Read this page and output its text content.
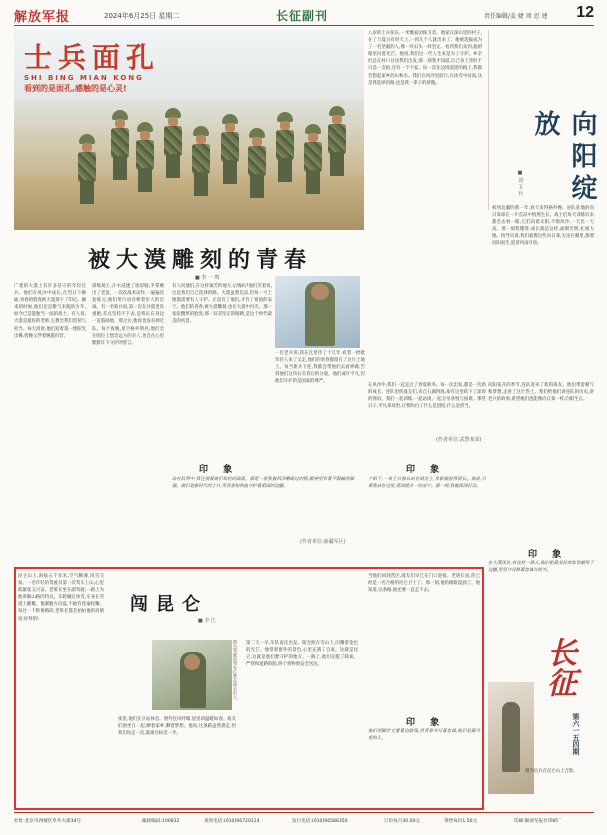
解放军报	2024年6月25日 星期二	长征副刊	责任编辑/姜 婕 周 思 建 12
士兵面孔
SHI BING MIAN KONG
看到的是面孔,感触的是心灵!
八岁的士兵张乐,一米慨家园保卫者。他家在深山里的村子,在了与夏日有时天上,一到几个人就出来了。他被选拔成为了一名坚毅的人,像一块石头一样坚定。看到我们来到,他的眼里闪着光芒。他说,我们这一代人生来是为了守护。乡亲们总在村口目送我们出发,那一刻我才知道,自己身上背的不只是一支枪,还有一个个家。每一次在边境巡逻的路上,我都会想起家乡的山和水。我们在风沙里前行,在冰雪中站岗,这是我选择的路,也是我一辈子的骄傲。
向阳绽放
■ 刘 玉 兵
初到边疆的那一年,春天来得格外晚。连队驻地的向日葵却在一片荒凉中悄然生长。战士们每天训练归来都会去看一眼,它们向着太阳,不惧风沙,一天比一天高。那一刻我懂得,成长就是这样,面朝光明,扎根大地。指导员说,我们就像这些向日葵,无论在哪里,都要向阳而生,迎着风雨开放。
被大漠雕刻的青春
■ 李 一 鸣
广袤的大漠上有许多驻守的年轻官兵。他们在风沙中成长,在烈日下磨砺,青春的脸庞被大漠刻下了印记。刚来的时候,他们还是稚气未脱的少年,如今已是能独当一面的战士。有人说,大漠是最好的老师,它教会我们坚韧与担当。每天清晨,他们迎着第一缕阳光出操,傍晚又伴着晚霞归营。
训练场上,汗水浸透了迷彩服,手掌磨出了老茧。一次次战术动作,一遍遍反复练习,他们用行动诠释着军人的忠诚。有一名新兵说,第一次在沙漠里负重跑,差点坚持不下去,是班长在身边一直鼓励他。那之后,他再也没有掉过队。每个夜晚,星空格外明亮,他们会在哨位上想念远方的亲人,也会在心里默默许下守护的誓言。
有人问他们,在这样艰苦的地方,后悔吗?他们笑着说,这是我们自己选择的路。大漠虽然荒凉,但每一寸土地都需要有人守护。正是有了他们,才有了祖国的安宁。他们的青春,被大漠雕刻,也在大漠中闪光。那一张张黝黑的脸庞,那一双双坚定的眼睛,是这个时代最美的风景。
一位老兵说,我在这里待了十几年,看着一批批年轻人来了又走,他们的青春都留在了这片土地上。每当新兵下连,我都会带他们去看界碑,告诉他们这块石头背后的分量。他们或许平凡,但他们守护的是国家的尊严。
(作者单位:新疆军区)
在风沙中,我们一起走过了春夏秋冬。每一次出发,都是一次新的成长。连队里的战友们,来自五湖四海,却在这里结下了深厚的情谊。我们一起训练,一起站岗,一起分享喜悦与困难。那些日子,平凡却珍贵,让我明白了什么是团结,什么是担当。
(作者单位:武警某部)
向阳花开的季节,连队迎来了新的战友。他们带着朝气和梦想,走进了这片热土。我们给他们讲连队的历史,讲老兵的故事,希望他们也能像向日葵一样,向阳生长。
印 象
站在队列中,我注视着他们年轻的面庞。那是一张张被风沙磨砺过的脸,眼神里有着不服输的倔强。他们是新时代的士兵,用青春和热血守护着祖国的边疆。
印 象
夕阳下,一名士兵独自站在哨位上,身影被拉得很长。他说,只要我站在这里,祖国就多一份安宁。那一刻,我被深深打动。
印 象
在大漠深处,有这样一群人,他们把最美好的年华献给了边疆,用坚守诠释着忠诚与担当。
闯昆仑
■ 李 江
昆仑山上,海拔五千多米,空气稀薄,风雪交加。一名年轻的驾驶员第一次驾车上山,心里既紧张又兴奋。老班长坐在副驾驶,一路上为他讲解山路的特点。车轮碾过冰雪,车身在弯道上颠簸。他紧握方向盘,不敢有丝毫松懈。每过一个险要路段,老班长都会拍拍他的肩膀说:好样的!
图为驾驶员驾车行驶在昆仑山上。
夜里,他们在兵站休息。窗外狂风呼啸,屋里却温暖如春。战友们围坐在一起,聊着家乡,聊着梦想。他说,这条路虽然难走,但我们每走一次,就离目标近一步。
第二天一早,车队再次出发。阳光照在雪山上,闪耀着金色的光芒。他望着窗外的景色,心里充满了自豪。这就是昆仑,这就是他们要守护的地方。一路上,他们克服了缺氧、严寒和道路险阻,终于将物资安全送达。
当他们回到营区,战友们早已在门口迎接。老班长说,你已经是一名合格的昆仑卫士了。那一刻,他的眼眶湿润了。他知道,这条路,他还要一直走下去。
印 象
他们用脚步丈量着边防线,用青春书写着忠诚,他们是最可爱的人。
长征
第六一五四期
图为官兵在昆仑山上合影。
社址:北京市西城区阜外大街34号	邮政编码:100832	查询电话:(010)66720114	发行电话:(010)66586350	订价每月30.00元	零售每份1.50元	印刷:解放军报社印刷厂
